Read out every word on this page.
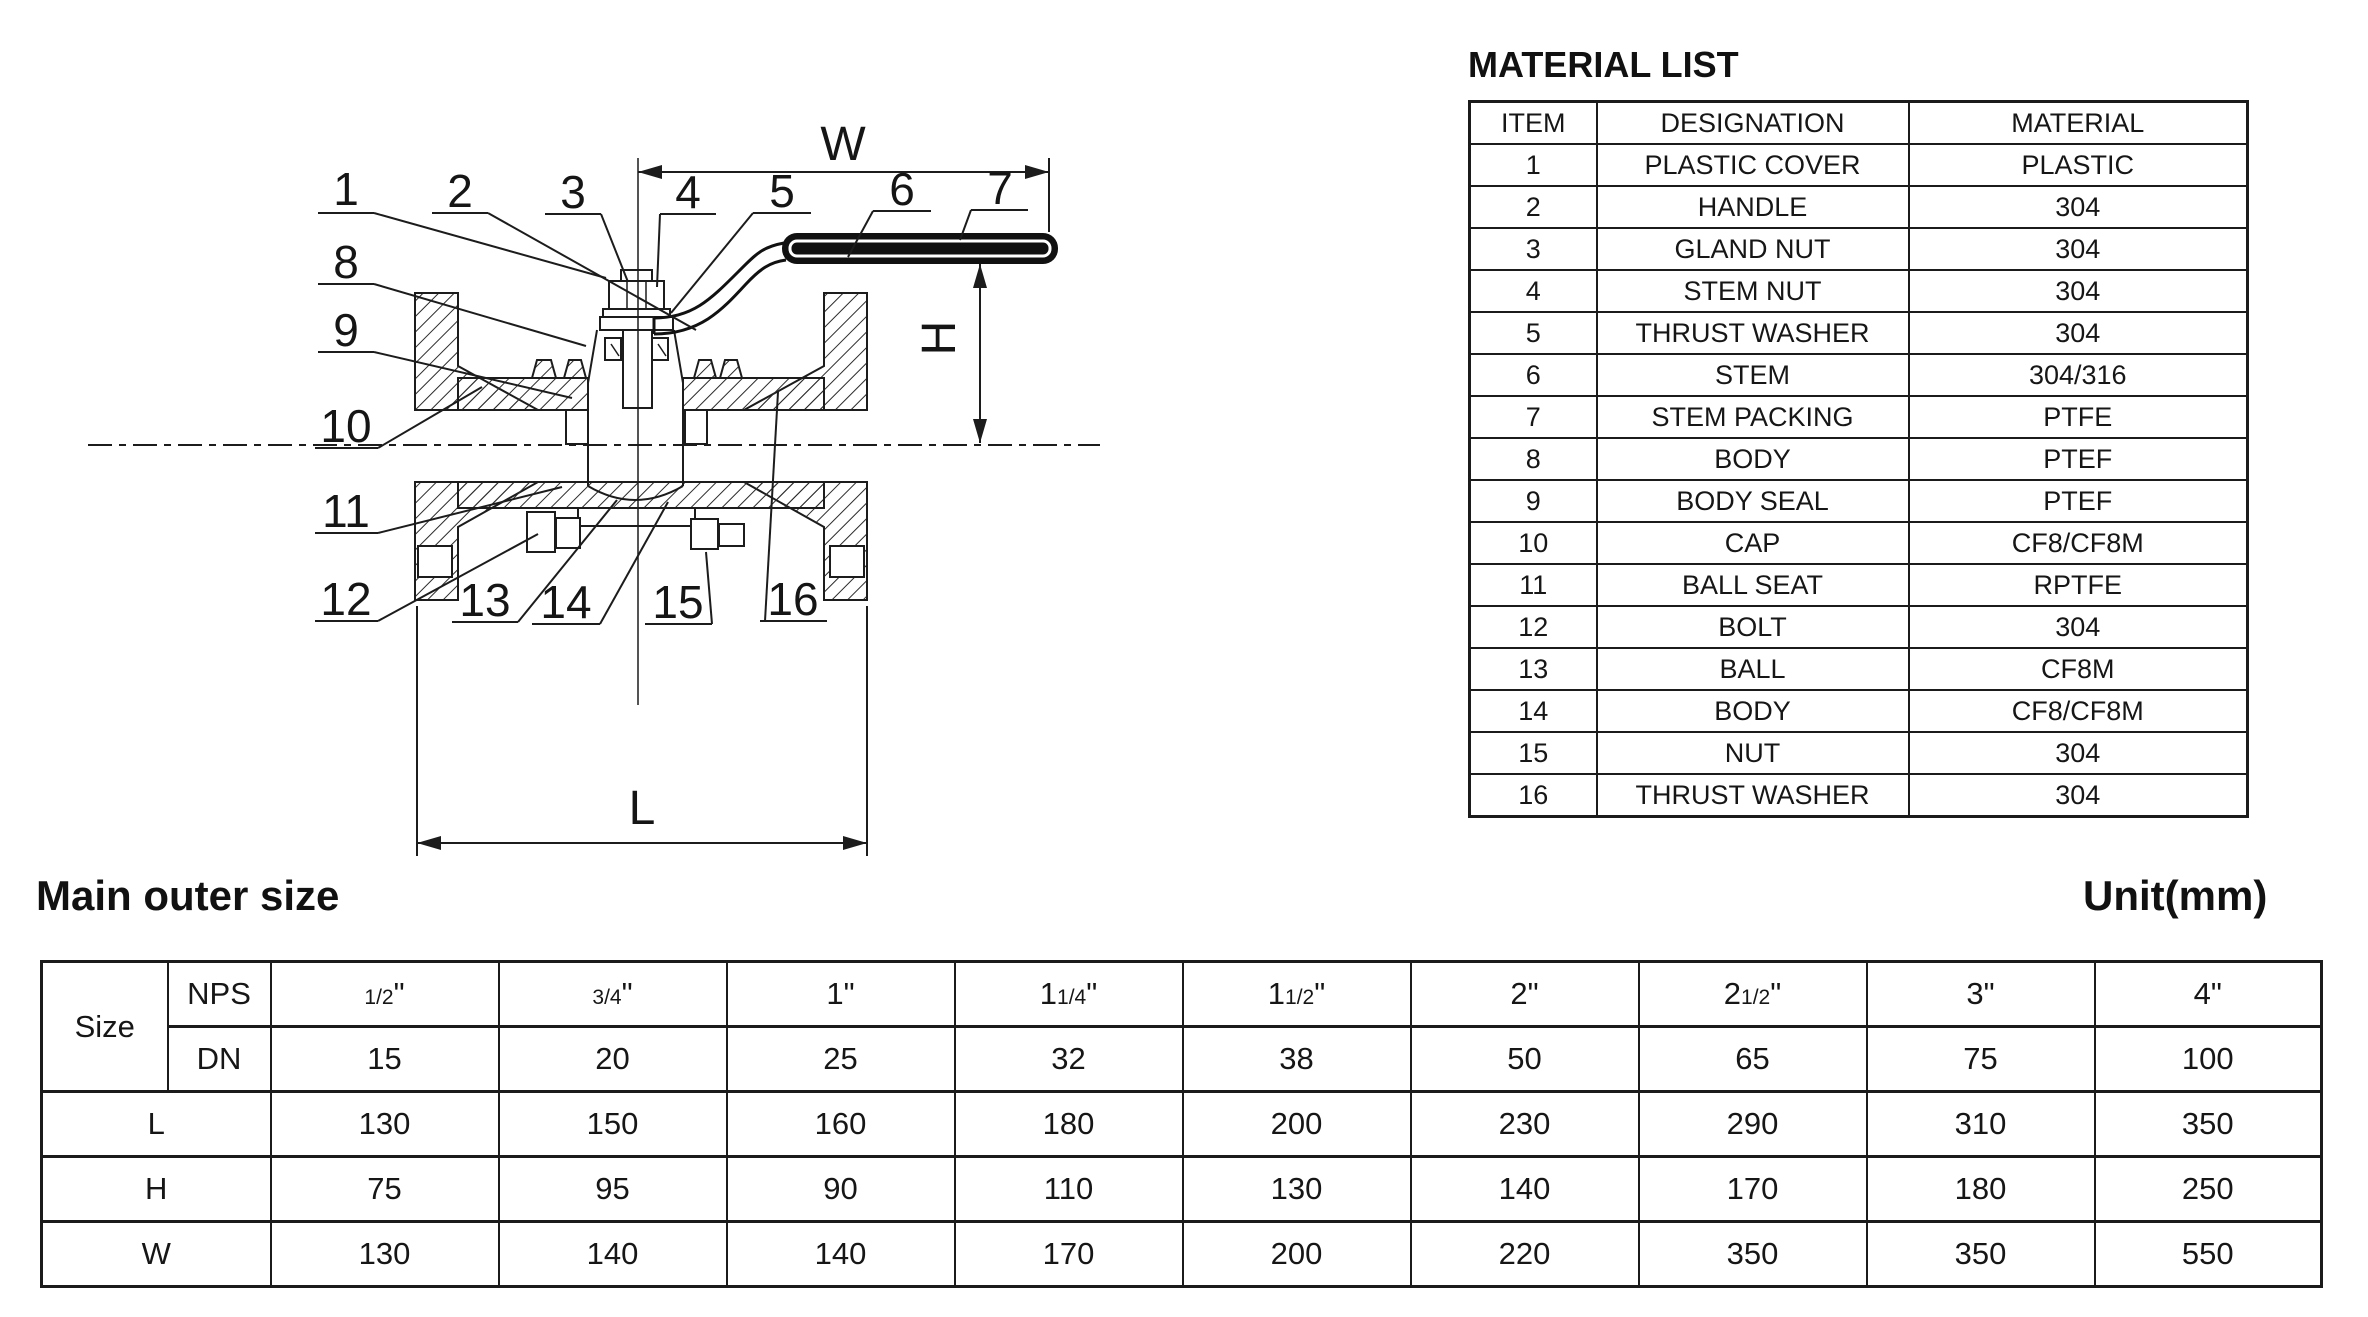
1 2 3 4 5 6 7
8
9
10
11
12 13 14 15 16
W
H
L
MATERIAL LIST
ITEM	DESIGNATION	MATERIAL
1	PLASTIC COVER	PLASTIC
2	HANDLE	304
3	GLAND NUT	304
4	STEM NUT	304
5	THRUST WASHER	304
6	STEM	304/316
7	STEM PACKING	PTFE
8	BODY	PTEF
9	BODY SEAL	PTEF
10	CAP	CF8/CF8M
11	BALL SEAT	RPTFE
12	BOLT	304
13	BALL	CF8M
14	BODY	CF8/CF8M
15	NUT	304
16	THRUST WASHER	304
Main outer size	Unit(mm)
Size	NPS	1/2"	3/4"	1"	11/4"	11/2"	2"	21/2"	3"	4"
	DN	15	20	25	32	38	50	65	75	100
L		130	150	160	180	200	230	290	310	350
H		75	95	90	110	130	140	170	180	250
W		130	140	140	170	200	220	350	350	550
